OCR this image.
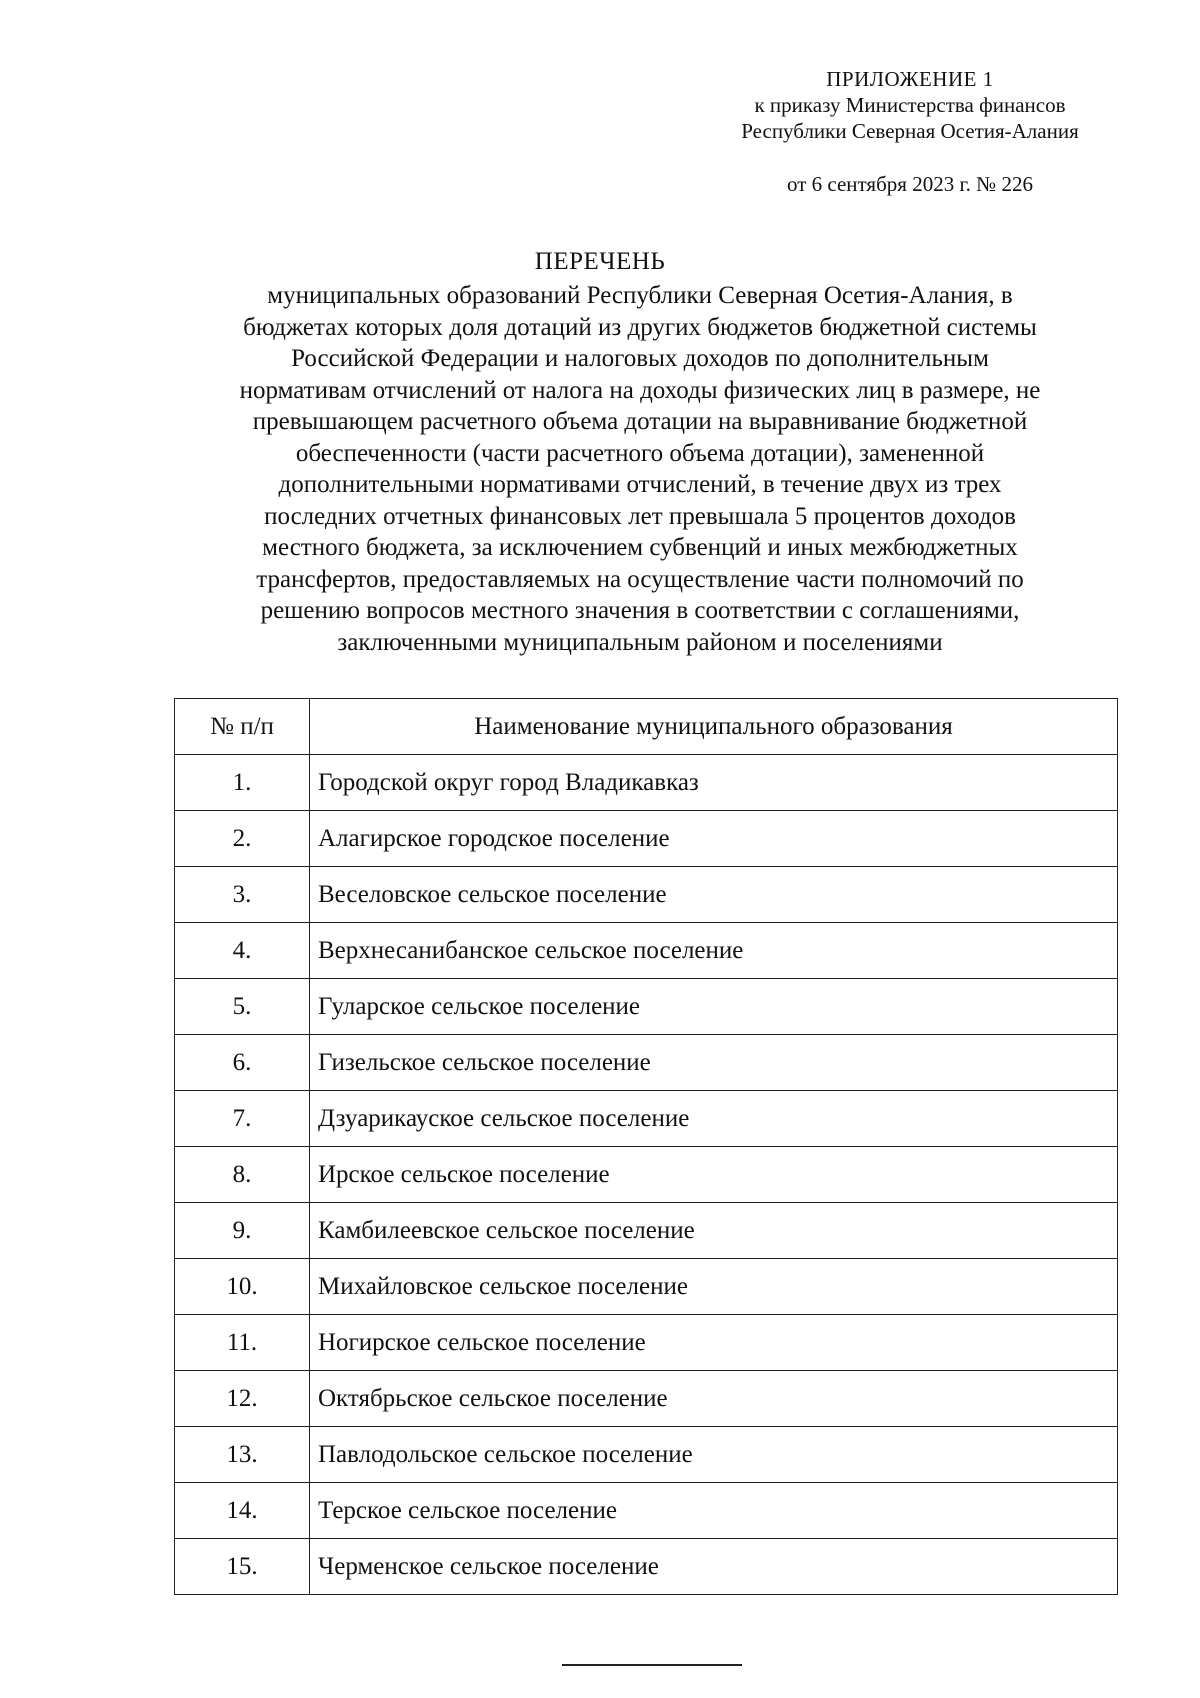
ПРИЛОЖЕНИЕ 1
к приказу Министерства финансов
Республики Северная Осетия-Алания
от 6 сентября 2023 г. № 226
ПЕРЕЧЕНЬ
муниципальных образований Республики Северная Осетия-Алания, в
бюджетах которых доля дотаций из других бюджетов бюджетной системы
Российской Федерации и налоговых доходов по дополнительным
нормативам отчислений от налога на доходы физических лиц в размере, не
превышающем расчетного объема дотации на выравнивание бюджетной
обеспеченности (части расчетного объема дотации), замененной
дополнительными нормативами отчислений, в течение двух из трех
последних отчетных финансовых лет превышала 5 процентов доходов
местного бюджета, за исключением субвенций и иных межбюджетных
трансфертов, предоставляемых на осуществление части полномочий по
решению вопросов местного значения в соответствии с соглашениями,
заключенными муниципальным районом и поселениями
№ п/п	Наименование муниципального образования
1.	Городской округ город Владикавказ
2.	Алагирское городское поселение
3.	Веселовское сельское поселение
4.	Верхнесанибанское сельское поселение
5.	Гуларское сельское поселение
6.	Гизельское сельское поселение
7.	Дзуарикауское сельское поселение
8.	Ирское сельское поселение
9.	Камбилеевское сельское поселение
10.	Михайловское сельское поселение
11.	Ногирское сельское поселение
12.	Октябрьское сельское поселение
13.	Павлодольское сельское поселение
14.	Терское сельское поселение
15.	Черменское сельское поселение
